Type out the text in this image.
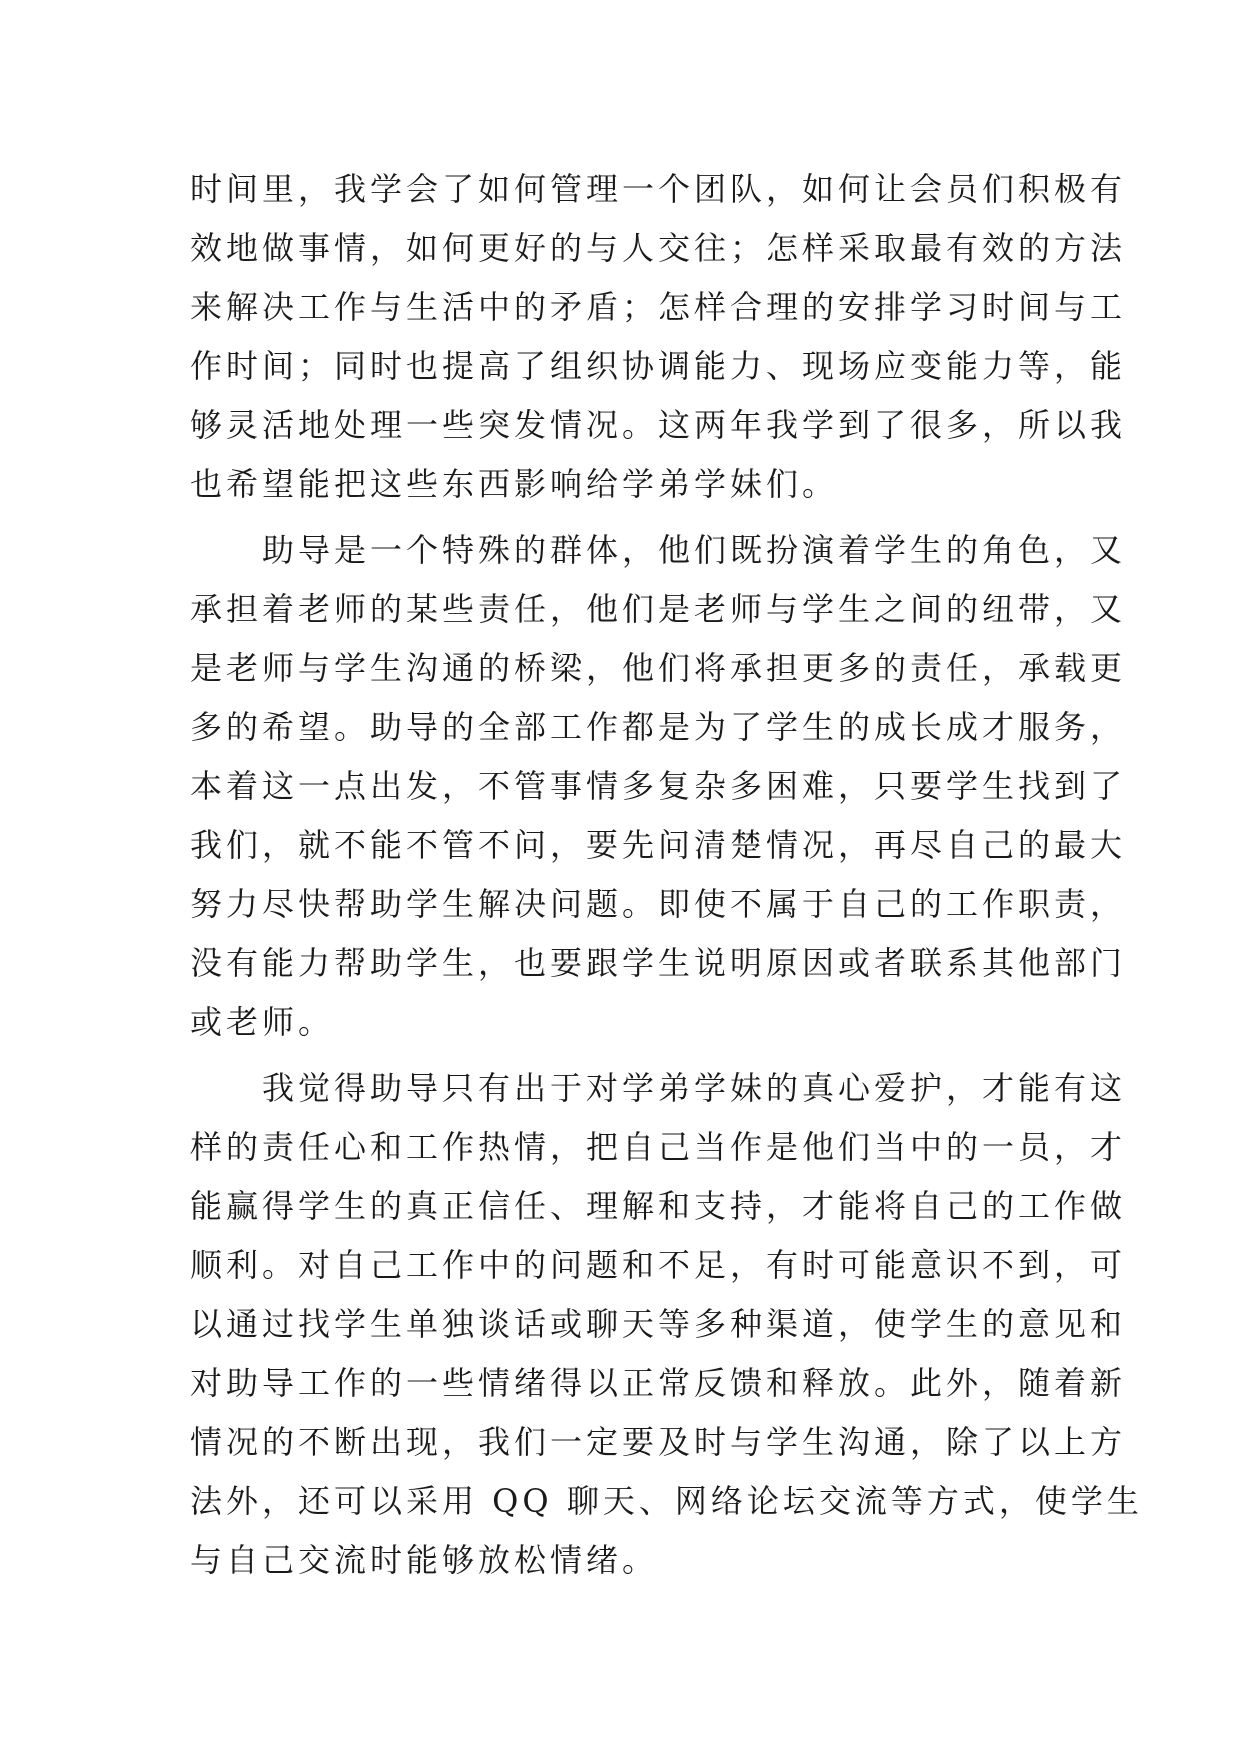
时间里，我学会了如何管理一个团队，如何让会员们积极有
效地做事情，如何更好的与人交往；怎样采取最有效的方法
来解决工作与生活中的矛盾；怎样合理的安排学习时间与工
作时间；同时也提高了组织协调能力、现场应变能力等，能
够灵活地处理一些突发情况。这两年我学到了很多，所以我
也希望能把这些东西影响给学弟学妹们。
　　助导是一个特殊的群体，他们既扮演着学生的角色，又
承担着老师的某些责任，他们是老师与学生之间的纽带，又
是老师与学生沟通的桥梁，他们将承担更多的责任，承载更
多的希望。助导的全部工作都是为了学生的成长成才服务，
本着这一点出发，不管事情多复杂多困难，只要学生找到了
我们，就不能不管不问，要先问清楚情况，再尽自己的最大
努力尽快帮助学生解决问题。即使不属于自己的工作职责，
没有能力帮助学生，也要跟学生说明原因或者联系其他部门
或老师。
　　我觉得助导只有出于对学弟学妹的真心爱护，才能有这
样的责任心和工作热情，把自己当作是他们当中的一员，才
能赢得学生的真正信任、理解和支持，才能将自己的工作做
顺利。对自己工作中的问题和不足，有时可能意识不到，可
以通过找学生单独谈话或聊天等多种渠道，使学生的意见和
对助导工作的一些情绪得以正常反馈和释放。此外，随着新
情况的不断出现，我们一定要及时与学生沟通，除了以上方
法外，还可以采用 QQ 聊天、网络论坛交流等方式，使学生
与自己交流时能够放松情绪。
